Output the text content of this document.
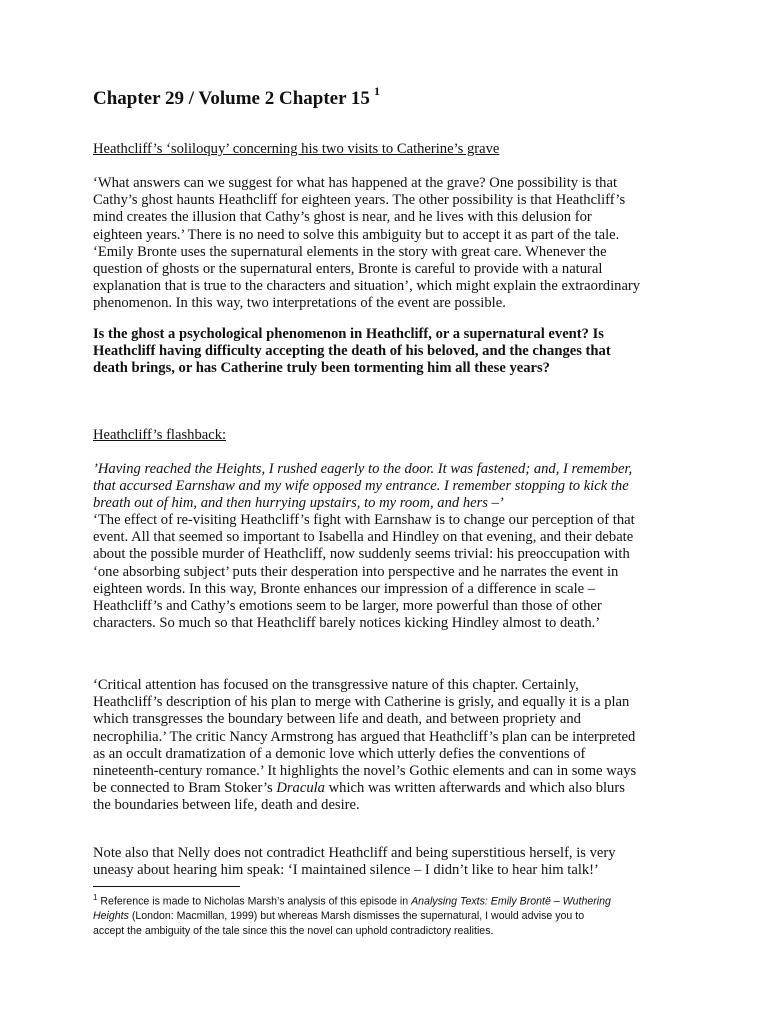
Chapter 29 / Volume 2 Chapter 15 $^1$
Heathcliff’s ‘soliloquy’ concerning his two visits to Catherine’s grave
‘What answers can we suggest for what has happened at the grave? One possibility is that
Cathy’s ghost haunts Heathcliff for eighteen years. The other possibility is that Heathcliff’s
mind creates the illusion that Cathy’s ghost is near, and he lives with this delusion for
eighteen years.’ There is no need to solve this ambiguity but to accept it as part of the tale.
‘Emily Bronte uses the supernatural elements in the story with great care. Whenever the
question of ghosts or the supernatural enters, Bronte is careful to provide with a natural
explanation that is true to the characters and situation’, which might explain the extraordinary
phenomenon. In this way, two interpretations of the event are possible.
Is the ghost a psychological phenomenon in Heathcliff, or a supernatural event? Is
Heathcliff having difficulty accepting the death of his beloved, and the changes that
death brings, or has Catherine truly been tormenting him all these years?
Heathcliff’s flashback:
’Having reached the Heights, I rushed eagerly to the door. It was fastened; and, I remember,
that accursed Earnshaw and my wife opposed my entrance. I remember stopping to kick the
breath out of him, and then hurrying upstairs, to my room, and hers –’
‘The effect of re-visiting Heathcliff’s fight with Earnshaw is to change our perception of that
event. All that seemed so important to Isabella and Hindley on that evening, and their debate
about the possible murder of Heathcliff, now suddenly seems trivial: his preoccupation with
‘one absorbing subject’ puts their desperation into perspective and he narrates the event in
eighteen words. In this way, Bronte enhances our impression of a difference in scale –
Heathcliff’s and Cathy’s emotions seem to be larger, more powerful than those of other
characters. So much so that Heathcliff barely notices kicking Hindley almost to death.’
‘Critical attention has focused on the transgressive nature of this chapter. Certainly,
Heathcliff’s description of his plan to merge with Catherine is grisly, and equally it is a plan
which transgresses the boundary between life and death, and between propriety and
necrophilia.’ The critic Nancy Armstrong has argued that Heathcliff’s plan can be interpreted
as an occult dramatization of a demonic love which utterly defies the conventions of
nineteenth-century romance.’ It highlights the novel’s Gothic elements and can in some ways
be connected to Bram Stoker’s Dracula which was written afterwards and which also blurs
the boundaries between life, death and desire.
Note also that Nelly does not contradict Heathcliff and being superstitious herself, is very
uneasy about hearing him speak: ‘I maintained silence – I didn’t like to hear him talk!’
$^1$ Reference is made to Nicholas Marsh’s analysis of this episode in Analysing Texts: Emily Brontë – Wuthering
Heights (London: Macmillan, 1999) but whereas Marsh dismisses the supernatural, I would advise you to
accept the ambiguity of the tale since this the novel can uphold contradictory realities.
